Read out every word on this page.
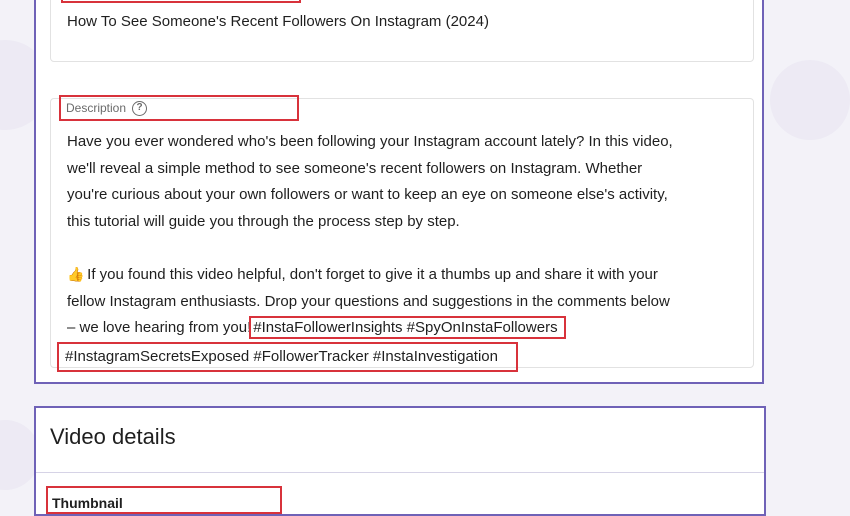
How To See Someone's Recent Followers On Instagram (2024)
Description	?

Have you ever wondered who's been following your Instagram account lately? In this video,

we'll reveal a simple method to see someone's recent followers on Instagram. Whether

you're curious about your own followers or want to keep an eye on someone else's activity,

this tutorial will guide you through the process step by step.

👍 If you found this video helpful, don't forget to give it a thumbs up and share it with your

fellow Instagram enthusiasts. Drop your questions and suggestions in the comments below

– we love hearing from you! #InstaFollowerInsights #SpyOnInstaFollowers

#InstagramSecretsExposed #FollowerTracker #InstaInvestigation

Video details
Thumbnail
